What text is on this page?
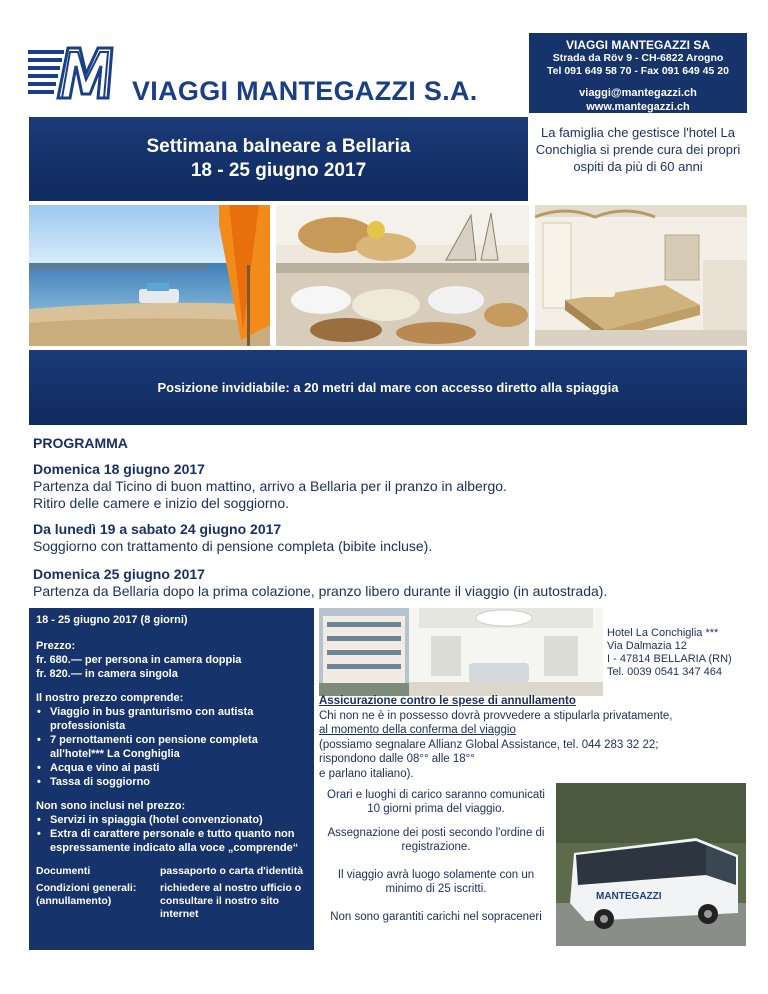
VIAGGI MANTEGAZZI S.A.
VIAGGI MANTEGAZZI SA
Strada da Röv 9 - CH-6822 Arogno
Tel 091 649 58 70 - Fax 091 649 45 20
viaggi@mantegazzi.ch
www.mantegazzi.ch
Settimana balneare a Bellaria
18 - 25 giugno 2017
La famiglia che gestisce l'hotel La Conchiglia si prende cura dei propri ospiti da più di 60 anni
Posizione invidiabile: a 20 metri dal mare con accesso diretto alla spiaggia
PROGRAMMA
Domenica 18 giugno 2017
Partenza dal Ticino di buon mattino, arrivo a Bellaria per il pranzo in albergo.
Ritiro delle camere e inizio del soggiorno.
Da lunedì 19 a sabato 24 giugno 2017
Soggiorno con trattamento di pensione completa (bibite incluse).
Domenica 25 giugno 2017
Partenza da Bellaria dopo la prima colazione, pranzo libero durante il viaggio (in autostrada).
18 - 25 giugno 2017 (8 giorni)
Prezzo:
fr. 680.— per persona in camera doppia
fr. 820.— in camera singola
Il nostro prezzo comprende:
• Viaggio in bus granturismo con autista professionista
• 7 pernottamenti con pensione completa all'hotel*** La Conghiglia
• Acqua e vino ai pasti
• Tassa di soggiorno
Non sono inclusi nel prezzo:
• Servizi in spiaggia (hotel convenzionato)
• Extra di carattere personale e tutto quanto non espressamente indicato alla voce „comprende“
Documenti	passaporto o carta d'identità
Condizioni generali: (annullamento)
richiedere al nostro ufficio o consultare il nostro sito internet
Hotel La Conchiglia ***
Via Dalmazia 12
I - 47814 BELLARIA (RN)
Tel. 0039 0541 347 464
Assicurazione contro le spese di annullamento
Chi non ne è in possesso dovrà provvedere a stipularla privatamente,
al momento della conferma del viaggio
(possiamo segnalare Allianz Global Assistance, tel. 044 283 32 22;
rispondono dalle 08°° alle 18°°
e parlano italiano).
Orari e luoghi di carico saranno comunicati 10 giorni prima del viaggio.
Assegnazione dei posti secondo l'ordine di registrazione.
Il viaggio avrà luogo solamente con un minimo di 25 iscritti.
Non sono garantiti carichi nel sopraceneri
MANTEGAZZI
